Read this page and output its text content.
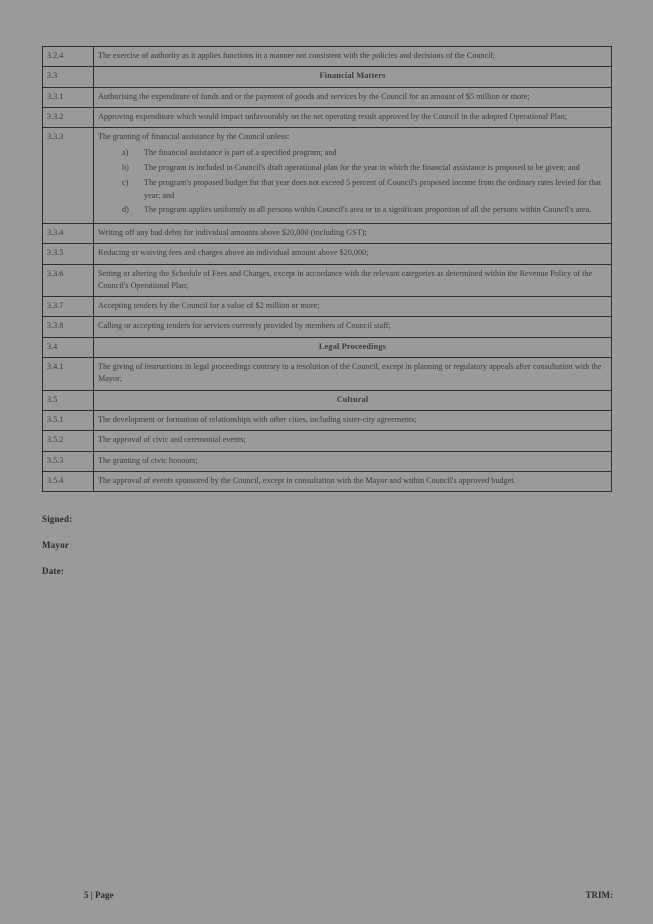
3.2.4	The exercise of authority as it applies functions in a manner not consistent with the policies and decisions of the Council;
3.3	Financial Matters
3.3.1	Authorising the expenditure of funds and or the payment of goods and services by the Council for an amount of $5 million or more;
3.3.2	Approving expenditure which would impact unfavourably on the net operating result approved by the Council in the adopted Operational Plan;
3.3.3	The granting of financial assistance by the Council unless:
a)	The financial assistance is part of a specified program; and
b)	The program is included in Council's draft operational plan for the year in which the financial assistance is proposed to be given; and
c)	The program's proposed budget for that year does not exceed 5 percent of Council's proposed income from the ordinary rates levied for that year; and
d)	The program applies uniformly to all persons within Council's area or to a significant proportion of all the persons within Council's area.

3.3.4	Writing off any bad debts for individual amounts above $20,000 (including GST);
3.3.5	Reducing or waiving fees and charges above an individual amount above $20,000;
3.3.6	Setting or altering the Schedule of Fees and Charges, except in accordance with the relevant categories as determined within the Revenue Policy of the Council's Operational Plan;
3.3.7	Accepting tenders by the Council for a value of $2 million or more;
3.3.8	Calling or accepting tenders for services currently provided by members of Council staff;
3.4	Legal Proceedings
3.4.1	The giving of instructions in legal proceedings contrary to a resolution of the Council, except in planning or regulatory appeals after consultation with the Mayor;
3.5	Cultural
3.5.1	The development or formation of relationships with other cities, including sister-city agreements;
3.5.2	The approval of civic and ceremonial events;
3.5.3	The granting of civic honours;
3.5.4	The approval of events sponsored by the Council, except in consultation with the Mayor and within Council's approved budget.
Signed:
Mayor
Date:
5 | Page	TRIM:
